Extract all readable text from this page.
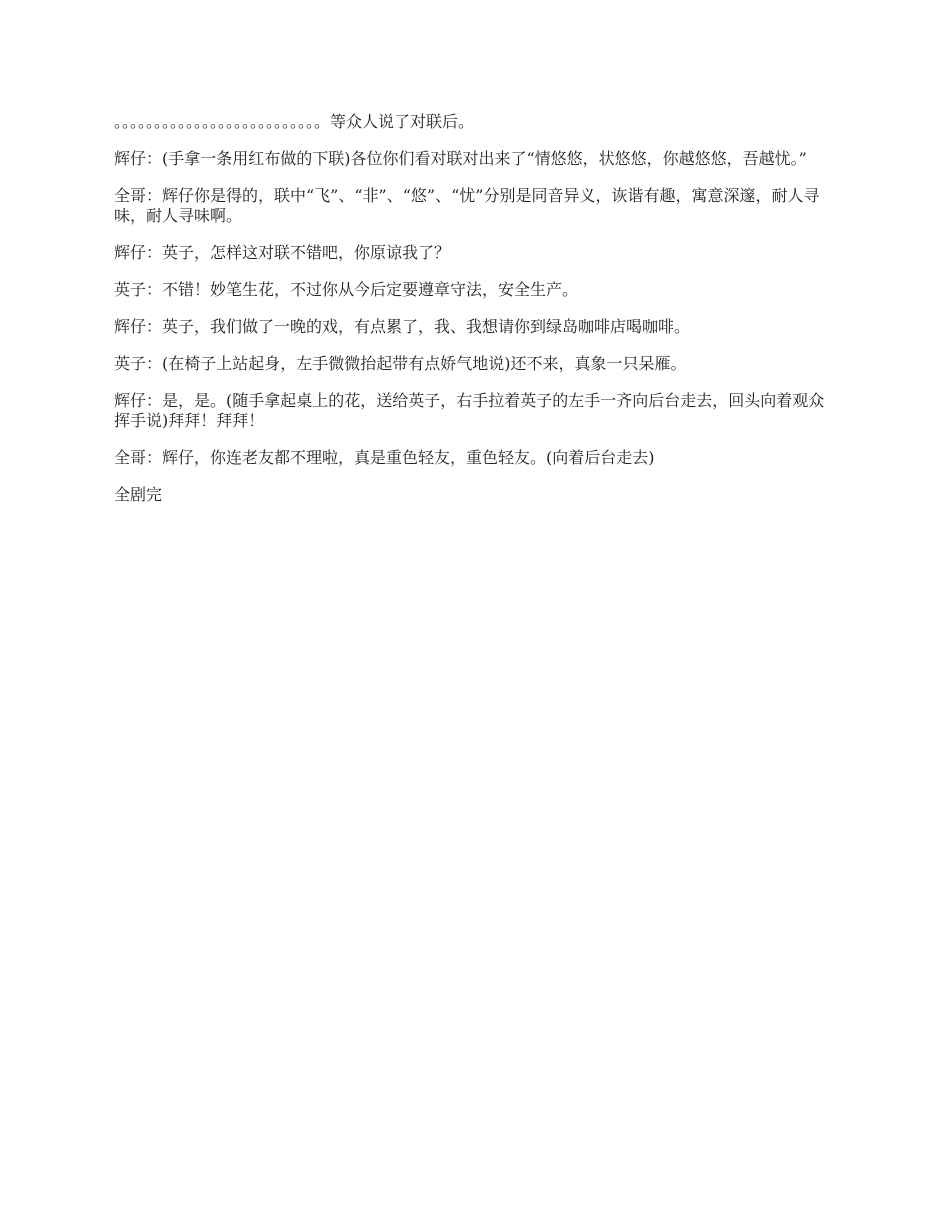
。。。。。。。。。。。。。。。。。。。。。。。。。。等众人说了对联后。

辉仔：(手拿一条用红布做的下联)各位你们看对联对出来了“情悠悠，状悠悠，你越悠悠，吾越忧。”

全哥：辉仔你是得的，联中“飞”、“非”、“悠”、“忧”分别是同音异义，诙谐有趣，寓意深邃，耐人寻味，耐人寻味啊。

辉仔：英子，怎样这对联不错吧，你原谅我了？

英子：不错！妙笔生花，不过你从今后定要遵章守法，安全生产。

辉仔：英子，我们做了一晚的戏，有点累了，我、我想请你到绿岛咖啡店喝咖啡。

英子：(在椅子上站起身，左手微微抬起带有点娇气地说)还不来，真象一只呆雁。

辉仔：是，是。(随手拿起桌上的花，送给英子，右手拉着英子的左手一齐向后台走去，回头向着观众挥手说)拜拜！拜拜！

全哥：辉仔，你连老友都不理啦，真是重色轻友，重色轻友。(向着后台走去)

全剧完
